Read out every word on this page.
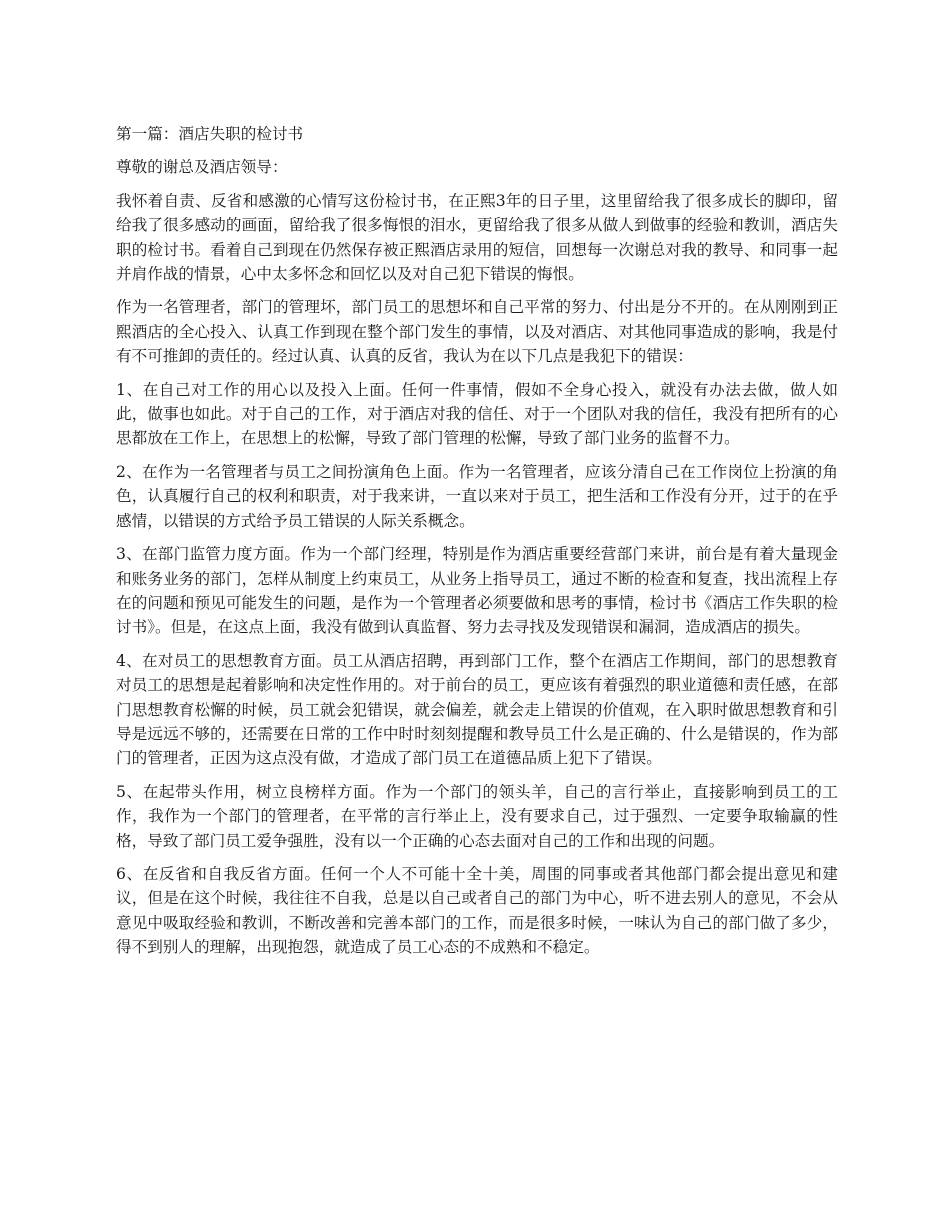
第一篇：酒店失职的检讨书

尊敬的谢总及酒店领导：

我怀着自责、反省和感激的心情写这份检讨书，在正熙3年的日子里，这里留给我了很多成长的脚印，留给我了很多感动的画面，留给我了很多悔恨的泪水，更留给我了很多从做人到做事的经验和教训，酒店失职的检讨书。看着自己到现在仍然保存被正熙酒店录用的短信，回想每一次谢总对我的教导、和同事一起并肩作战的情景，心中太多怀念和回忆以及对自己犯下错误的悔恨。

作为一名管理者，部门的管理坏，部门员工的思想坏和自己平常的努力、付出是分不开的。在从刚刚到正熙酒店的全心投入、认真工作到现在整个部门发生的事情，以及对酒店、对其他同事造成的影响，我是付有不可推卸的责任的。经过认真、认真的反省，我认为在以下几点是我犯下的错误：

1、在自己对工作的用心以及投入上面。任何一件事情，假如不全身心投入，就没有办法去做，做人如此，做事也如此。对于自己的工作，对于酒店对我的信任、对于一个团队对我的信任，我没有把所有的心思都放在工作上，在思想上的松懈，导致了部门管理的松懈，导致了部门业务的监督不力。

2、在作为一名管理者与员工之间扮演角色上面。作为一名管理者，应该分清自己在工作岗位上扮演的角色，认真履行自己的权利和职责，对于我来讲，一直以来对于员工，把生活和工作没有分开，过于的在乎感情，以错误的方式给予员工错误的人际关系概念。

3、在部门监管力度方面。作为一个部门经理，特别是作为酒店重要经营部门来讲，前台是有着大量现金和账务业务的部门，怎样从制度上约束员工，从业务上指导员工，通过不断的检查和复查，找出流程上存在的问题和预见可能发生的问题，是作为一个管理者必须要做和思考的事情，检讨书《酒店工作失职的检讨书》。但是，在这点上面，我没有做到认真监督、努力去寻找及发现错误和漏洞，造成酒店的损失。

4、在对员工的思想教育方面。员工从酒店招聘，再到部门工作，整个在酒店工作期间，部门的思想教育对员工的思想是起着影响和决定性作用的。对于前台的员工，更应该有着强烈的职业道德和责任感，在部门思想教育松懈的时候，员工就会犯错误，就会偏差，就会走上错误的价值观，在入职时做思想教育和引导是远远不够的，还需要在日常的工作中时时刻刻提醒和教导员工什么是正确的、什么是错误的，作为部门的管理者，正因为这点没有做，才造成了部门员工在道德品质上犯下了错误。

5、在起带头作用，树立良榜样方面。作为一个部门的领头羊，自己的言行举止，直接影响到员工的工作，我作为一个部门的管理者，在平常的言行举止上，没有要求自己，过于强烈、一定要争取输赢的性格，导致了部门员工爱争强胜，没有以一个正确的心态去面对自己的工作和出现的问题。

6、在反省和自我反省方面。任何一个人不可能十全十美，周围的同事或者其他部门都会提出意见和建议，但是在这个时候，我往往不自我，总是以自己或者自己的部门为中心，听不进去别人的意见，不会从意见中吸取经验和教训，不断改善和完善本部门的工作，而是很多时候，一味认为自己的部门做了多少，得不到别人的理解，出现抱怨，就造成了员工心态的不成熟和不稳定。
